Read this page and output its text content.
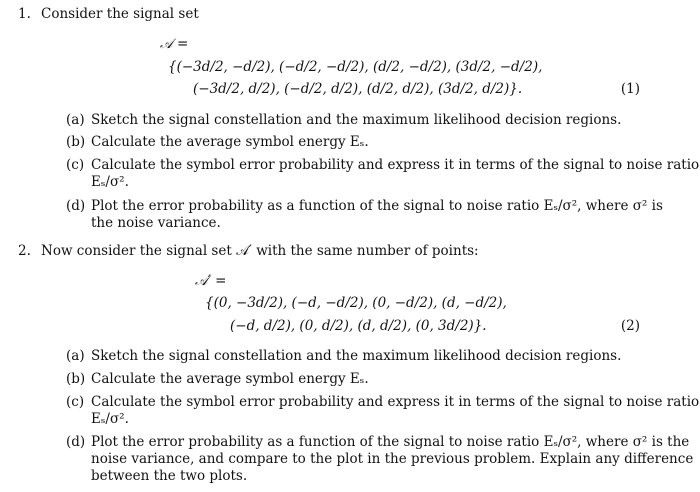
1. Consider the signal set
𝒜 =
{(−3d/2, −d/2), (−d/2, −d/2), (d/2, −d/2), (3d/2, −d/2),
(−3d/2, d/2), (−d/2, d/2), (d/2, d/2), (3d/2, d/2)}.	(1)
(a) Sketch the signal constellation and the maximum likelihood decision regions.
(b) Calculate the average symbol energy Eₛ.
(c) Calculate the symbol error probability and express it in terms of the signal to noise ratio
Eₛ/σ².
(d) Plot the error probability as a function of the signal to noise ratio Eₛ/σ², where σ² is
the noise variance.
2. Now consider the signal set 𝒜′ with the same number of points:
𝒜′ =
{(0, −3d/2), (−d, −d/2), (0, −d/2), (d, −d/2),
(−d, d/2), (0, d/2), (d, d/2), (0, 3d/2)}.	(2)
(a) Sketch the signal constellation and the maximum likelihood decision regions.
(b) Calculate the average symbol energy Eₛ.
(c) Calculate the symbol error probability and express it in terms of the signal to noise ratio
Eₛ/σ².
(d) Plot the error probability as a function of the signal to noise ratio Eₛ/σ², where σ² is the
noise variance, and compare to the plot in the previous problem. Explain any difference
between the two plots.
